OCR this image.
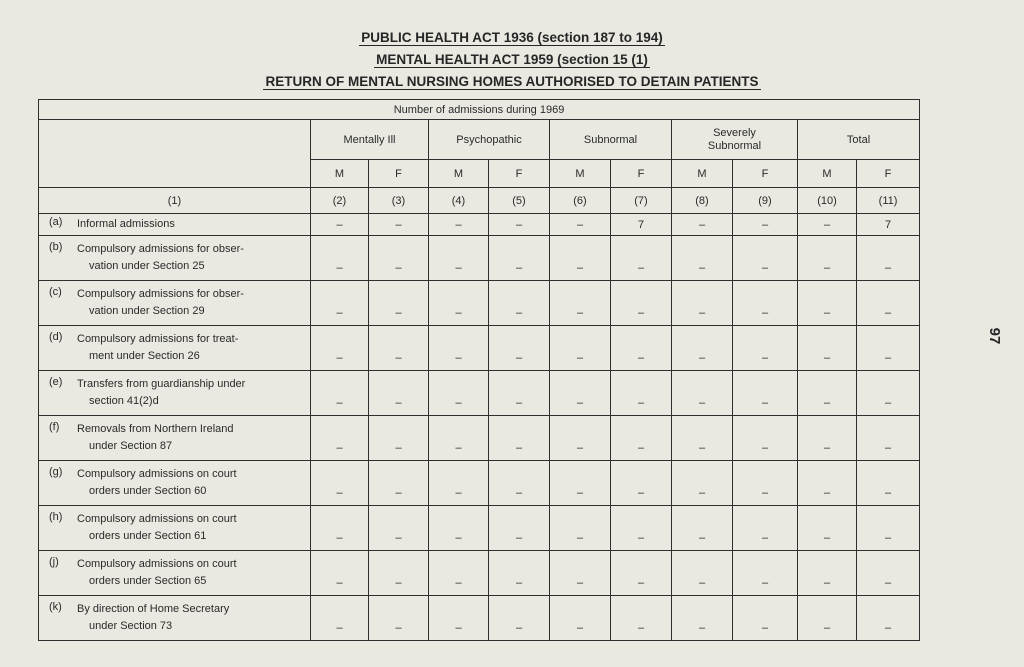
PUBLIC HEALTH ACT 1936 (section 187 to 194)
MENTAL HEALTH ACT 1959 (section 15 (1)
RETURN OF MENTAL NURSING HOMES AUTHORISED TO DETAIN PATIENTS
97
Number of admissions during 1969										
	Mentally Ill		Psychopathic		Subnormal		Severely
Subnormal		Total	
	M	F	M	F	M	F	M	F	M	F
(1)	(2)	(3)	(4)	(5)	(6)	(7)	(8)	(9)	(10)	(11)
(a) Informal admissions	–	–	–	–	–	7	–	–	–	7
(b) Compulsory admissions for obser-
vation under Section 25	–	–	–	–	–	–	–	–	–	–
(c) Compulsory admissions for obser-
vation under Section 29	–	–	–	–	–	–	–	–	–	–
(d) Compulsory admissions for treat-
ment under Section 26	–	–	–	–	–	–	–	–	–	–
(e) Transfers from guardianship under
section 41(2)d	–	–	–	–	–	–	–	–	–	–
(f) Removals from Northern Ireland
under Section 87	–	–	–	–	–	–	–	–	–	–
(g) Compulsory admissions on court
orders under Section 60	–	–	–	–	–	–	–	–	–	–
(h) Compulsory admissions on court
orders under Section 61	–	–	–	–	–	–	–	–	–	–
(j) Compulsory admissions on court
orders under Section 65	–	–	–	–	–	–	–	–	–	–
(k) By direction of Home Secretary
under Section 73	–	–	–	–	–	–	–	–	–	–
